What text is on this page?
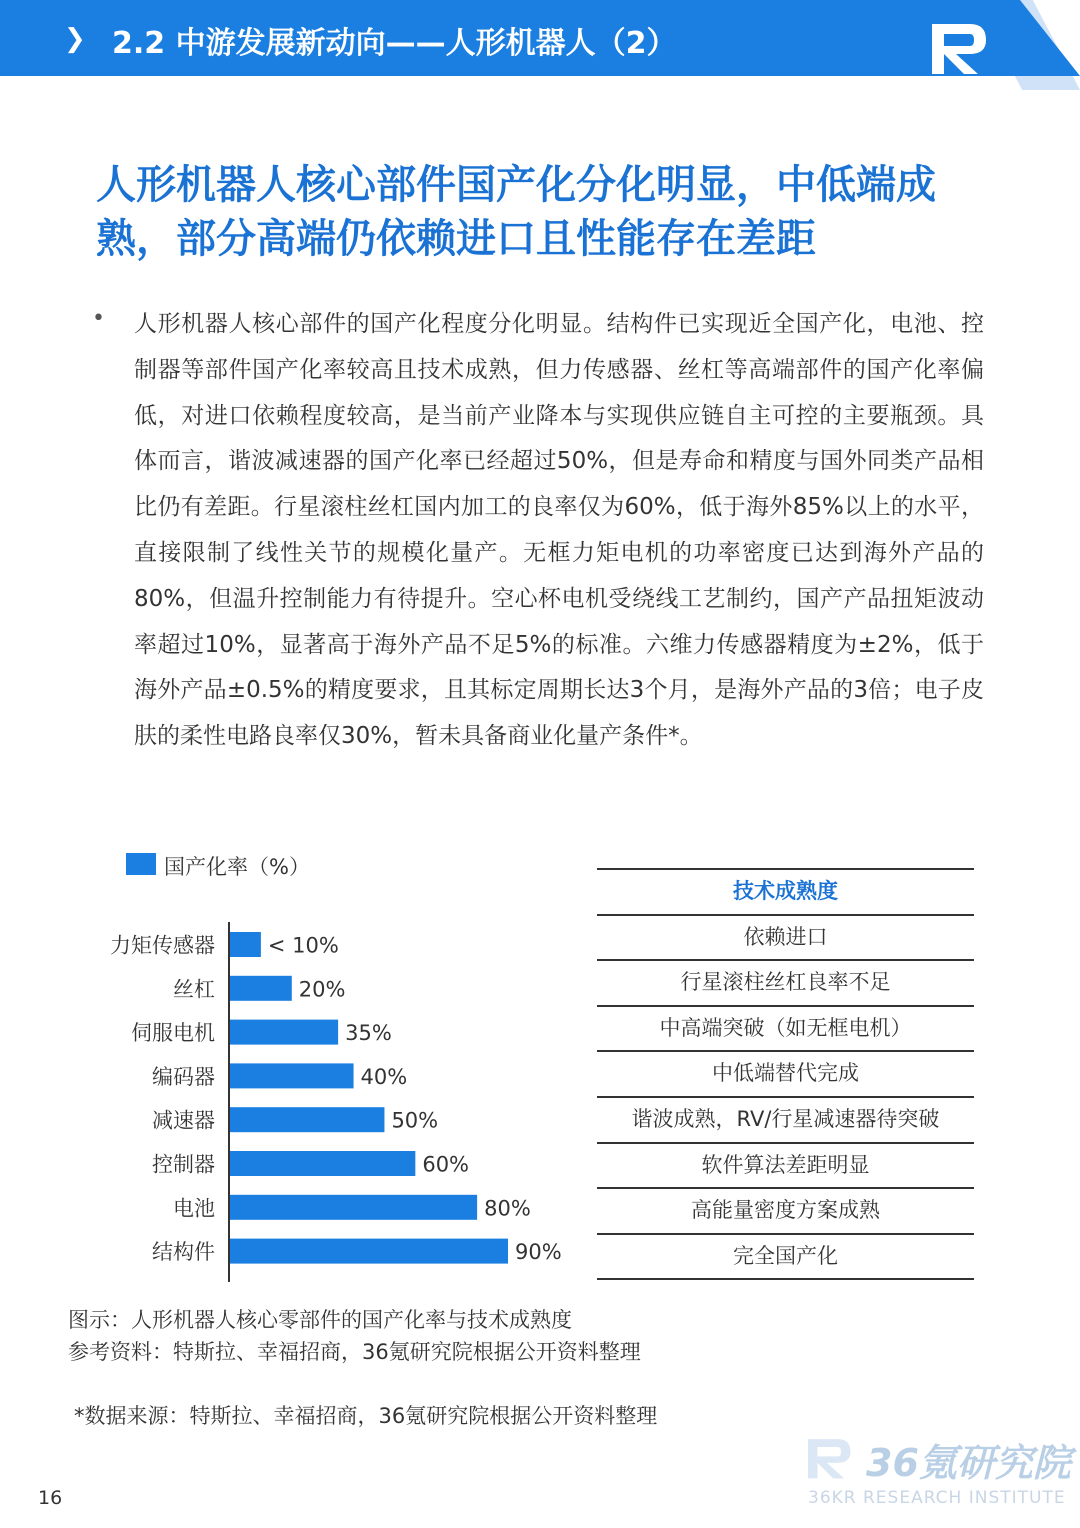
❯ 2.2 中游发展新动向——人形机器人（2）
人形机器人核心部件国产化分化明显，中低端成熟，部分高端仍依赖进口且性能存在差距
• 人形机器人核心部件的国产化程度分化明显。结构件已实现近全国产化，电池、控制器等部件国产化率较高且技术成熟，但力传感器、丝杠等高端部件的国产化率偏低，对进口依赖程度较高，是当前产业降本与实现供应链自主可控的主要瓶颈。具体而言，谐波减速器的国产化率已经超过50%，但是寿命和精度与国外同类产品相比仍有差距。行星滚柱丝杠国内加工的良率仅为60%，低于海外85%以上的水平，直接限制了线性关节的规模化量产。无框力矩电机的功率密度已达到海外产品的80%，但温升控制能力有待提升。空心杯电机受绕线工艺制约，国产产品扭矩波动率超过10%，显著高于海外产品不足5%的标准。六维力传感器精度为±2%，低于海外产品±0.5%的精度要求，且其标定周期长达3个月，是海外产品的3倍；电子皮肤的柔性电路良率仅30%，暂未具备商业化量产条件*。
国产化率（%）
力矩传感器	< 10%
丝杠	20%
伺服电机	35%
编码器	40%
减速器	50%
控制器	60%
电池	80%
结构件	90%
技术成熟度
依赖进口
行星滚柱丝杠良率不足
中高端突破（如无框电机）
中低端替代完成
谐波成熟，RV/行星减速器待突破
软件算法差距明显
高能量密度方案成熟
完全国产化
图示：人形机器人核心零部件的国产化率与技术成熟度
参考资料：特斯拉、幸福招商，36氪研究院根据公开资料整理
*数据来源：特斯拉、幸福招商，36氪研究院根据公开资料整理
16
36氪研究院
36KR RESEARCH INSTITUTE
